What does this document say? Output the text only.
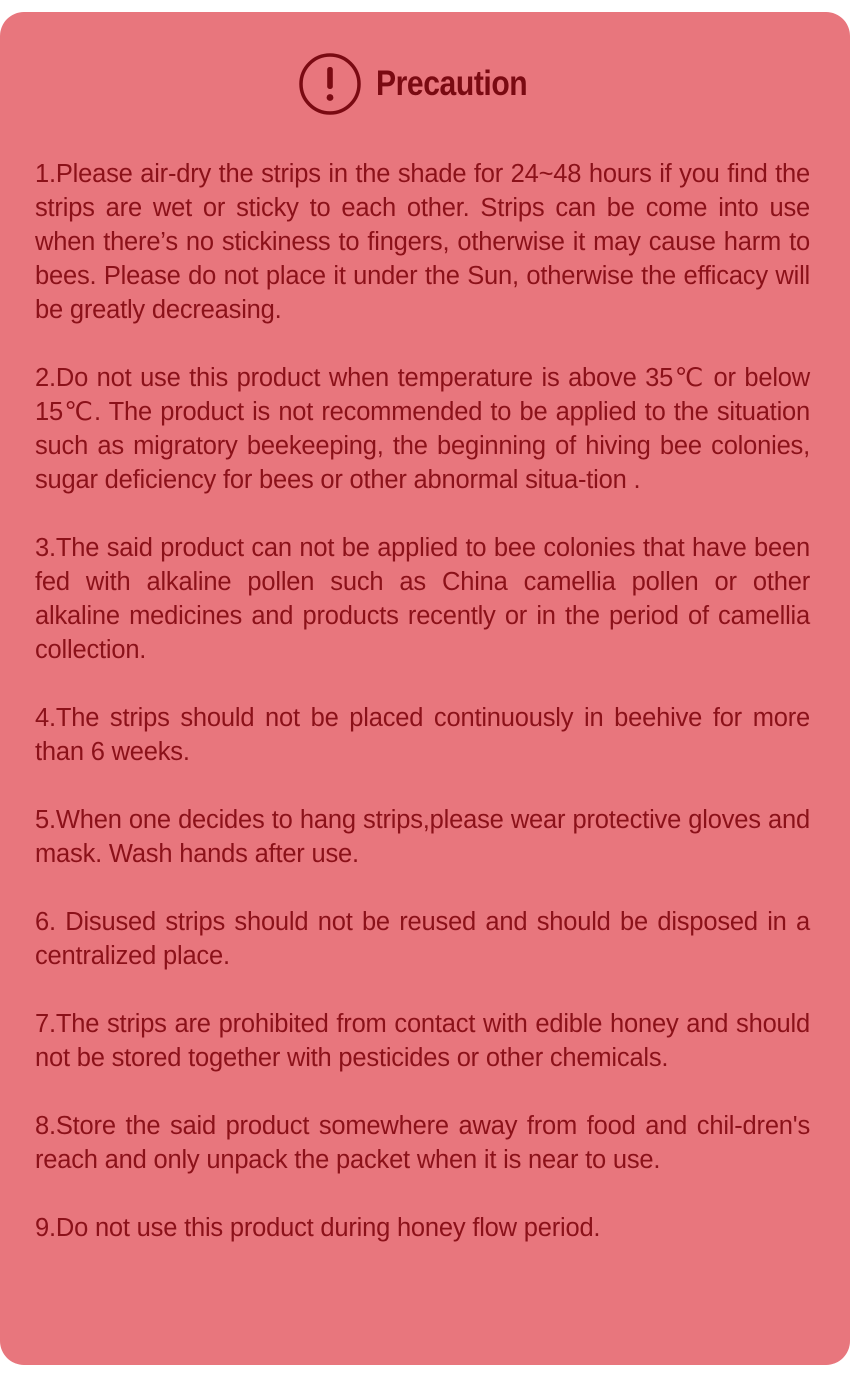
Precaution
1.Please air-dry the strips in the shade for 24~48 hours if you find the strips are wet or sticky to each other. Strips can be come into use when there’s no stickiness to fingers, otherwise it may cause harm to bees. Please do not place it under the Sun, otherwise the efficacy will be greatly decreasing.
2.Do not use this product when temperature is above 35℃ or below 15℃. The product is not recommended to be applied to the situation such as migratory beekeeping, the beginning of hiving bee colonies, sugar deficiency for bees or other abnormal situa-tion .
3.The said product can not be applied to bee colonies that have been fed with alkaline pollen such as China camellia pollen or other alkaline medicines and products recently or in the period of camellia collection.
4.The strips should not be placed continuously in beehive for more than 6 weeks.
5.When one decides to hang strips,please wear protective gloves and mask. Wash hands after use.
6. Disused strips should not be reused and should be disposed in a centralized place.
7.The strips are prohibited from contact with edible honey and should not be stored together with pesticides or other chemicals.
8.Store the said product somewhere away from food and chil-dren's reach and only unpack the packet when it is near to use.
9.Do not use this product during honey flow period.
